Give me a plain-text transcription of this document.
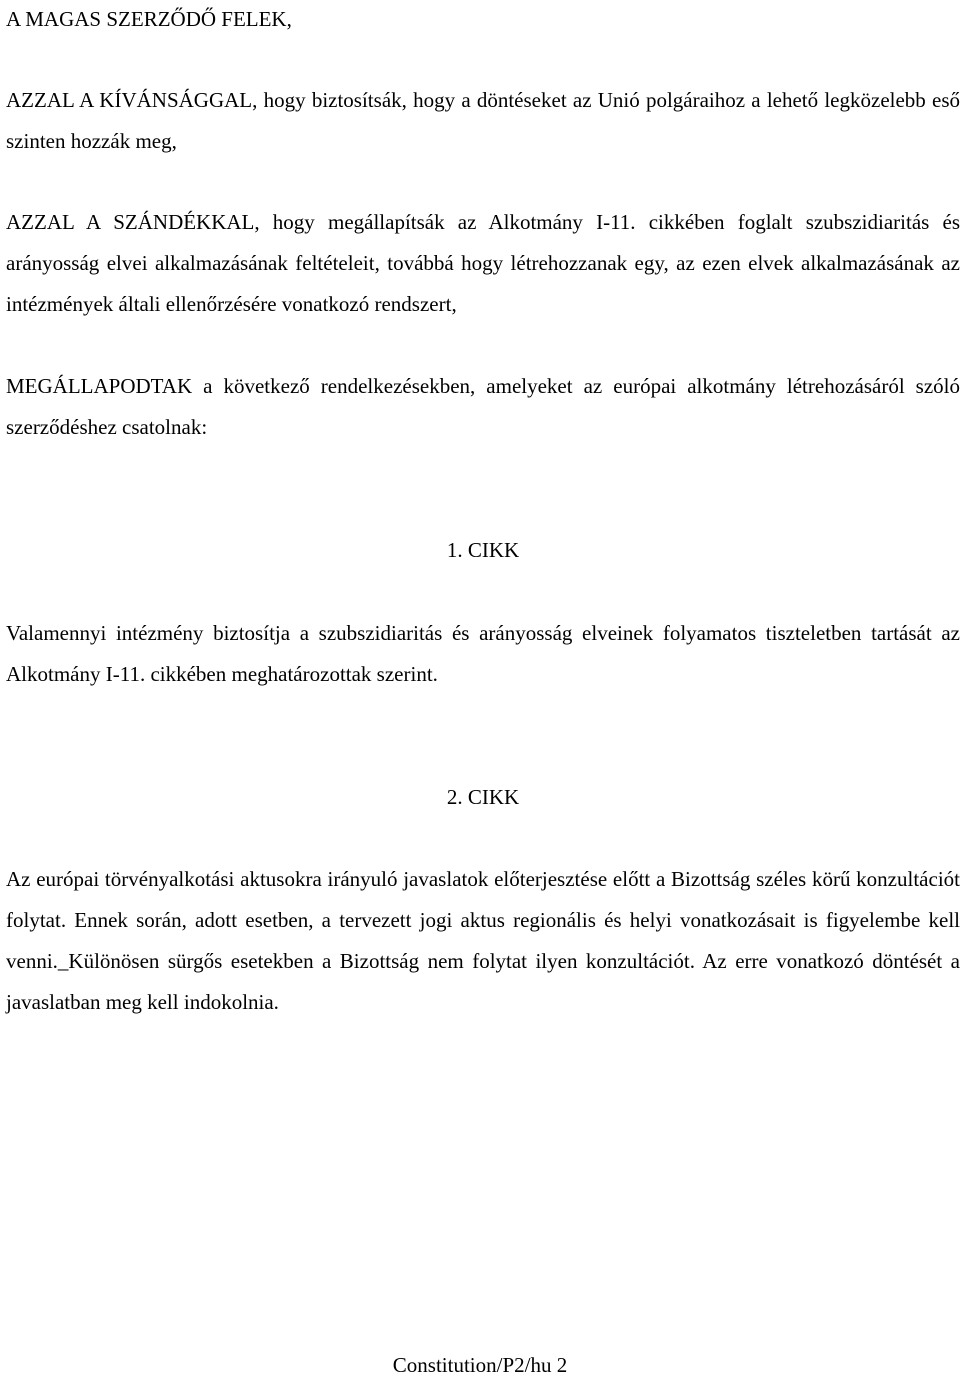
A MAGAS SZERZŐDŐ FELEK,

AZZAL A KÍVÁNSÁGGAL, hogy biztosítsák, hogy a döntéseket az Unió polgáraihoz a lehető legközelebb eső szinten hozzák meg,

AZZAL A SZÁNDÉKKAL, hogy megállapítsák az Alkotmány I-11. cikkében foglalt szubszidiaritás és arányosság elvei alkalmazásának feltételeit, továbbá hogy létrehozzanak egy, az ezen elvek alkalmazásának az intézmények általi ellenőrzésére vonatkozó rendszert,

MEGÁLLAPODTAK a következő rendelkezésekben, amelyeket az európai alkotmány létrehozásáról szóló szerződéshez csatolnak:

1. CIKK

Valamennyi intézmény biztosítja a szubszidiaritás és arányosság elveinek folyamatos tiszteletben tartását az Alkotmány I-11. cikkében meghatározottak szerint.

2. CIKK

Az európai törvényalkotási aktusokra irányuló javaslatok előterjesztése előtt a Bizottság széles körű konzultációt folytat. Ennek során, adott esetben, a tervezett jogi aktus regionális és helyi vonatkozásait is figyelembe kell venni._Különösen sürgős esetekben a Bizottság nem folytat ilyen konzultációt. Az erre vonatkozó döntését a javaslatban meg kell indokolnia.

Constitution/P2/hu 2
